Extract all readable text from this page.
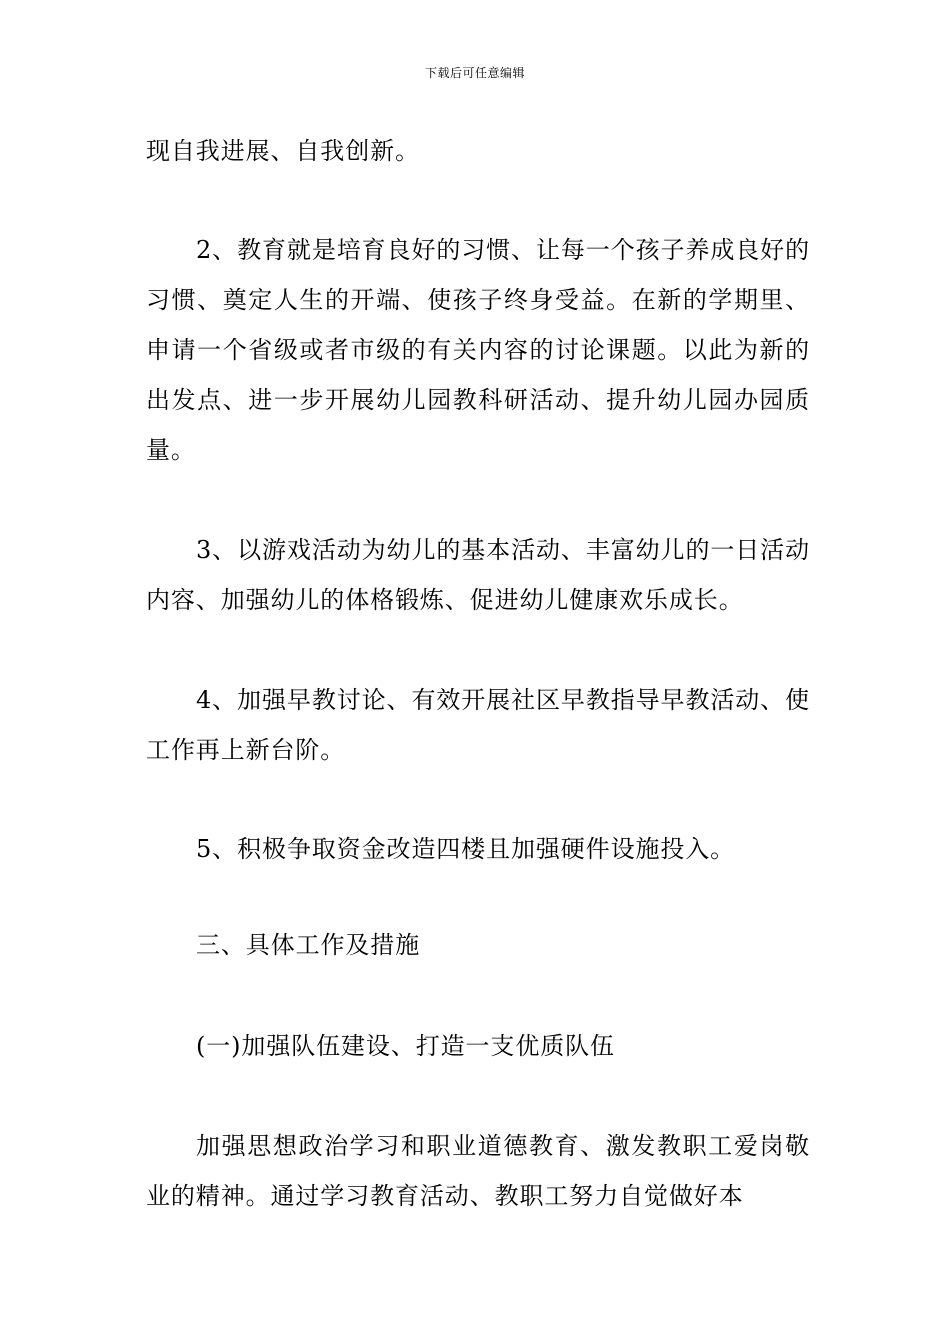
下载后可任意编辑

现自我进展、自我创新。

2、教育就是培育良好的习惯、让每一个孩子养成良好的习惯、奠定人生的开端、使孩子终身受益。在新的学期里、申请一个省级或者市级的有关内容的讨论课题。以此为新的出发点、进一步开展幼儿园教科研活动、提升幼儿园办园质量。

3、以游戏活动为幼儿的基本活动、丰富幼儿的一日活动内容、加强幼儿的体格锻炼、促进幼儿健康欢乐成长。

4、加强早教讨论、有效开展社区早教指导早教活动、使工作再上新台阶。

5、积极争取资金改造四楼且加强硬件设施投入。

三、具体工作及措施

(一)加强队伍建设、打造一支优质队伍

加强思想政治学习和职业道德教育、激发教职工爱岗敬业的精神。通过学习教育活动、教职工努力自觉做好本
